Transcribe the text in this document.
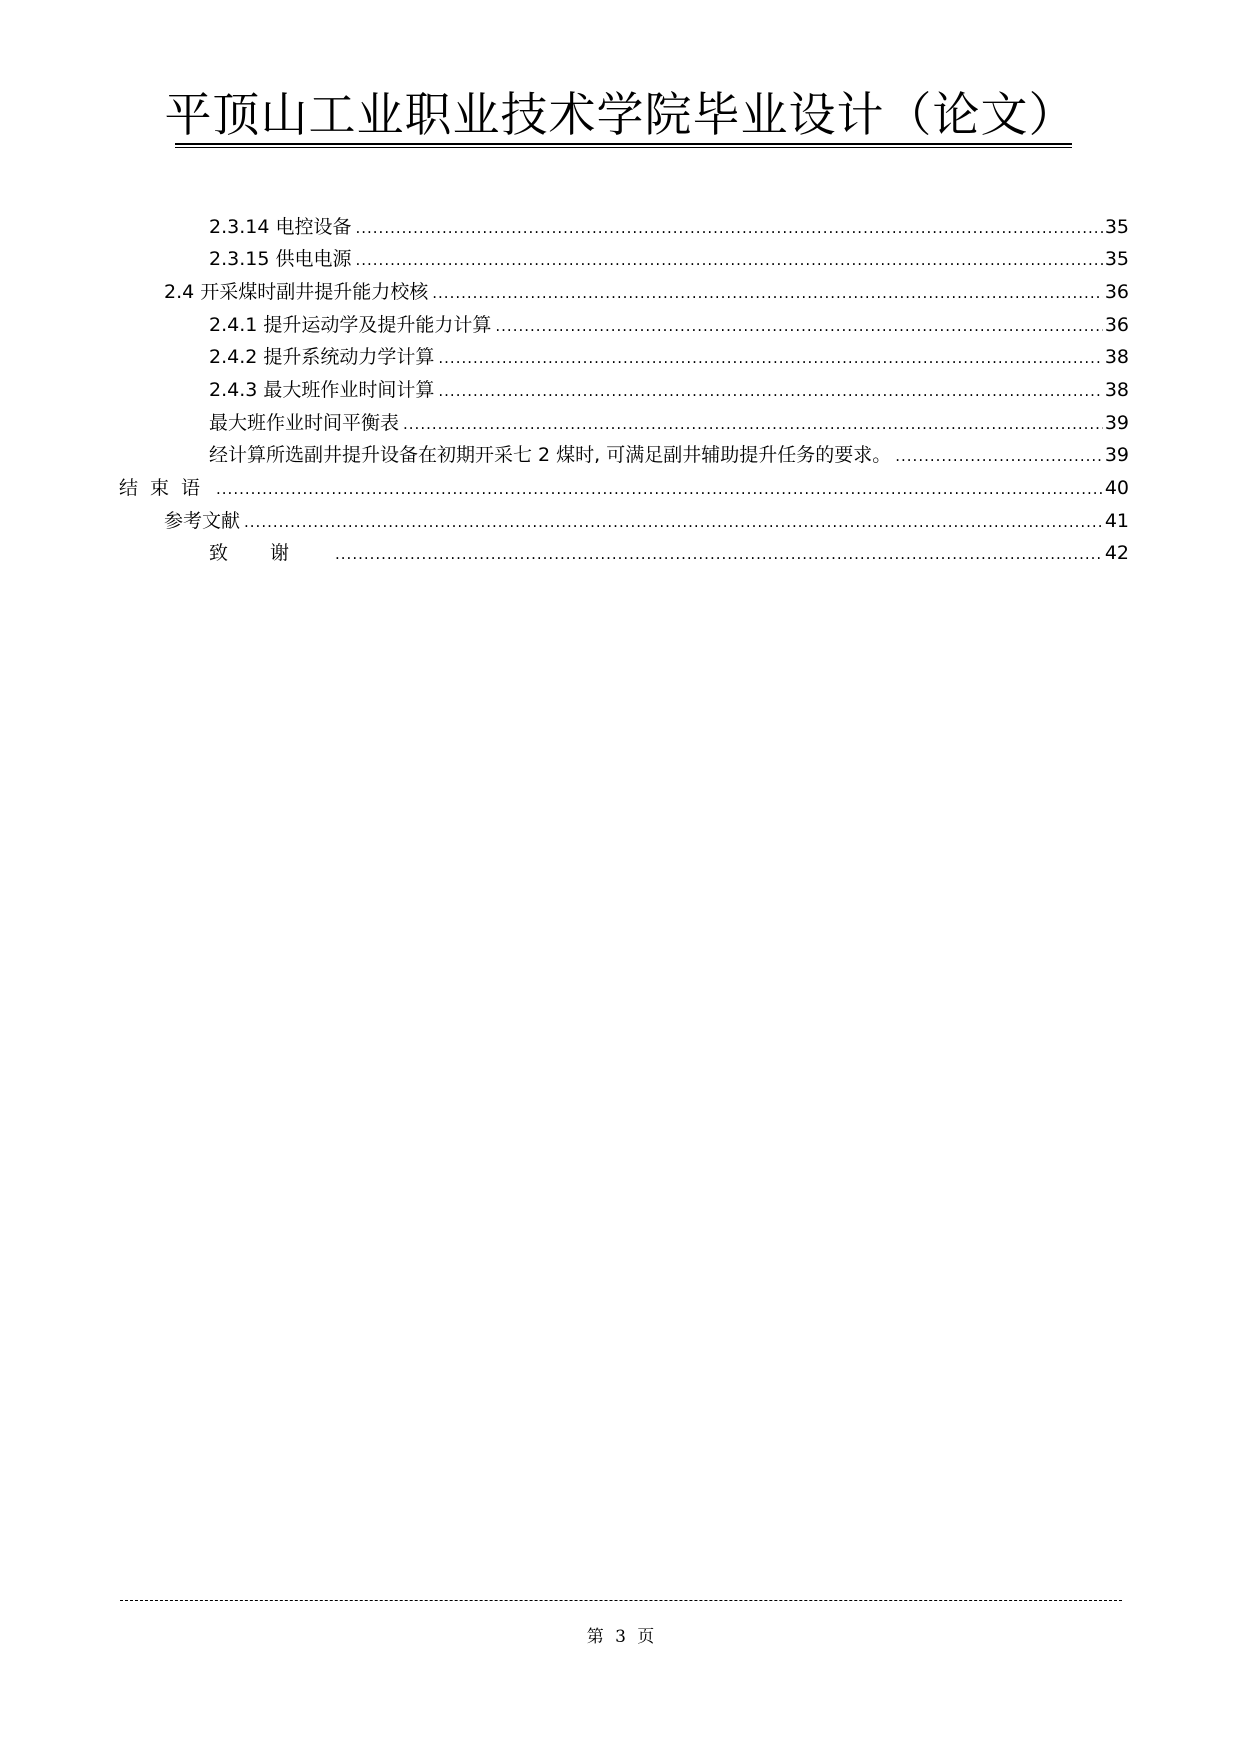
平顶山工业职业技术学院毕业设计（论文）
2.3.14 电控设备 .....	35
2.3.15 供电电源 .....	35
2.4 开采煤时副井提升能力校核 .....	36
2.4.1 提升运动学及提升能力计算 .....	36
2.4.2 提升系统动力学计算 .....	38
2.4.3 最大班作业时间计算 .....	38
最大班作业时间平衡表 .....	39
经计算所选副井提升设备在初期开采七 2 煤时, 可满足副井辅助提升任务的要求。 .....	39
结束语 .....	40
参考文献 .....	41
致谢 .....	42
第 3 页
